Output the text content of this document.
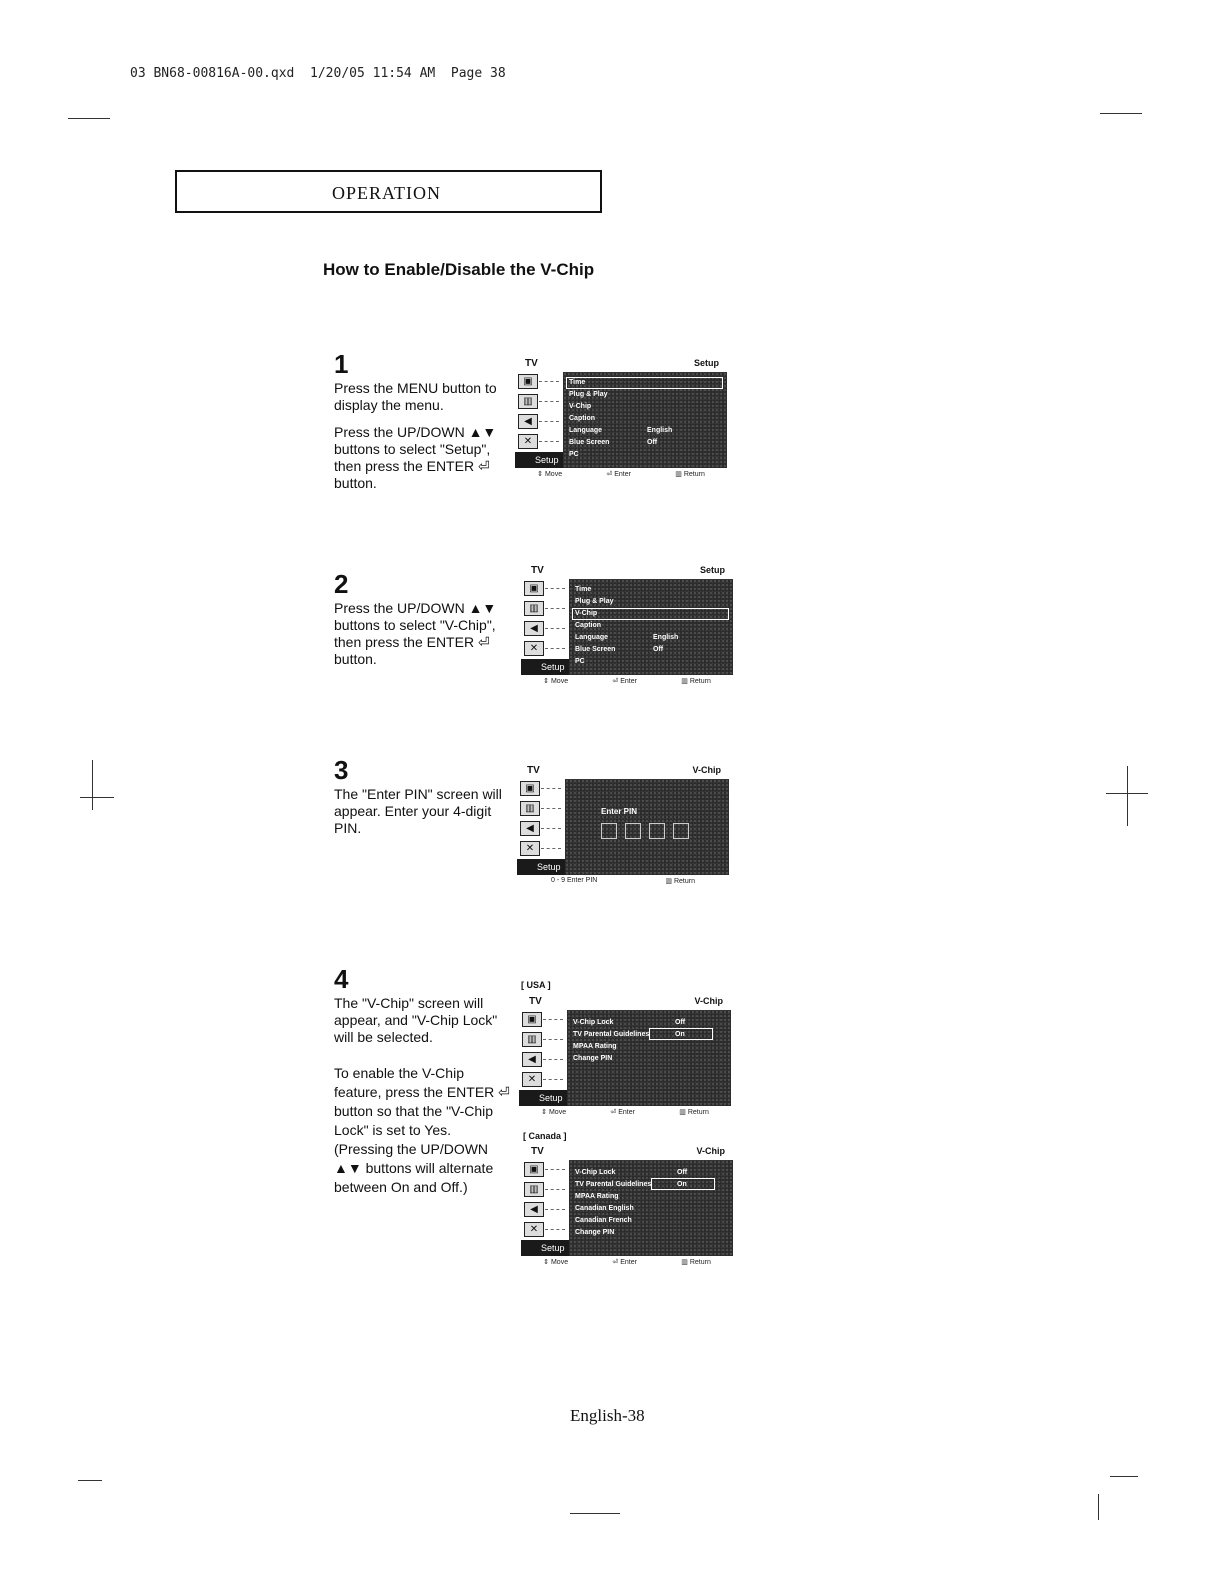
03 BN68-00816A-00.qxd  1/20/05 11:54 AM  Page 38
OPERATION
How to Enable/Disable the V-Chip
1

Press the MENU button to display the menu.

Press the UP/DOWN ▲▼ buttons to select "Setup", then press the ENTER ⏎ button.

2

Press the UP/DOWN ▲▼ buttons to select "V-Chip", then press the ENTER ⏎ button.

3

The "Enter PIN" screen will appear. Enter your 4-digit PIN.

4

The "V-Chip" screen will appear, and "V-Chip Lock" will be selected.

To enable the V-Chip feature, press the ENTER ⏎ button so that the "V-Chip Lock" is set to Yes. (Pressing the UP/DOWN ▲▼ buttons will alternate between On and Off.)

TV	Setup
▣
▥
◀
✕
Setup
Time
Plug & Play
V-Chip
Caption
Language	English
Blue Screen	Off
PC
⇕ Move	⏎ Enter	▥ Return
TV	Setup
▣
▥
◀
✕
Setup
Time
Plug & Play
V-Chip
Caption
Language	English
Blue Screen	Off
PC
⇕ Move	⏎ Enter	▥ Return
TV	V-Chip
▣
▥
◀
✕
Setup
Enter PIN
0 - 9 Enter PIN	▥ Return
[ USA ]
TV	V-Chip
▣
▥
◀
✕
Setup
V-Chip Lock	Off
TV Parental Guidelines	On
MPAA Rating
Change PIN
⇕ Move	⏎ Enter	▥ Return
[ Canada ]
TV	V-Chip
▣
▥
◀
✕
Setup
V-Chip Lock	Off
TV Parental Guidelines	On
MPAA Rating
Canadian English
Canadian French
Change PIN
⇕ Move	⏎ Enter	▥ Return
English-38
